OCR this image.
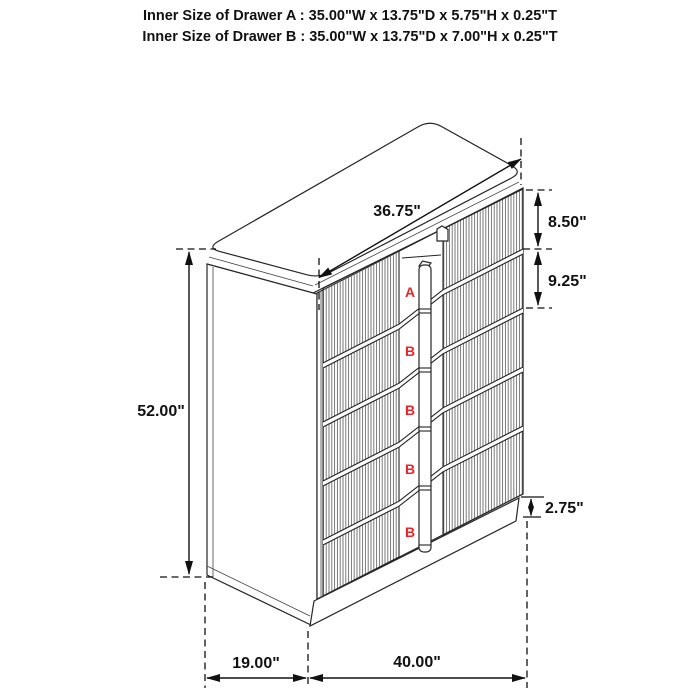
Inner Size of Drawer A : 35.00"W x 13.75"D x 5.75"H x 0.25"T
Inner Size of Drawer B : 35.00"W x 13.75"D x 7.00"H x 0.25"T
A
B
B
B
B
36.75"
8.50"
9.25"
52.00"
2.75"
19.00"	40.00"
